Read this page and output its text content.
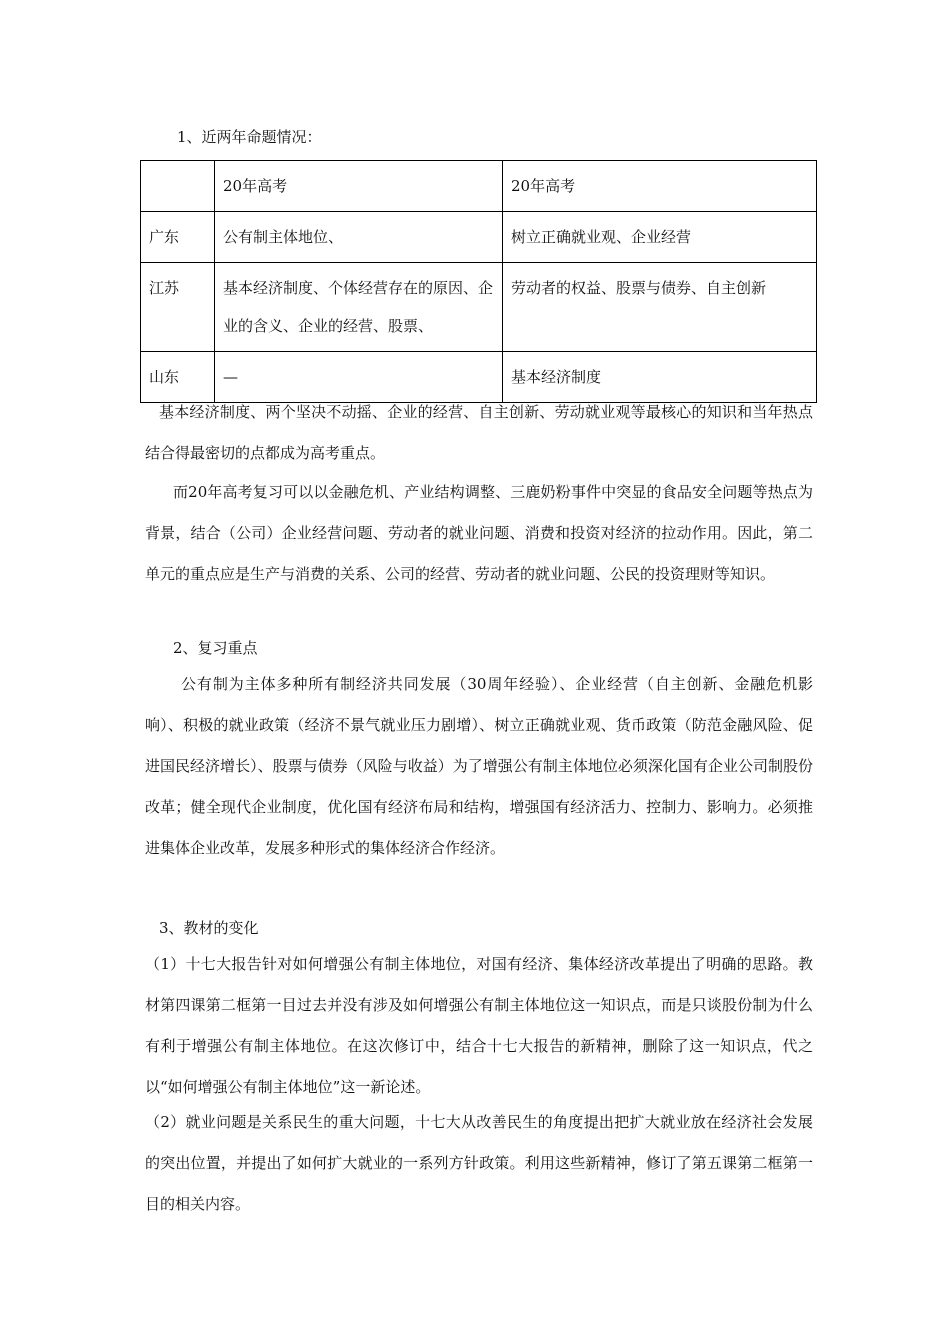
1、近两年命题情况：
	20年高考	20年高考
广东	公有制主体地位、	树立正确就业观、企业经营
江苏	基本经济制度、个体经营存在的原因、企业的含义、企业的经营、股票、	劳动者的权益、股票与债券、自主创新
山东	—	基本经济制度

基本经济制度、两个坚决不动摇、企业的经营、自主创新、劳动就业观等最核心的知识和当年热点结合得最密切的点都成为高考重点。

而20年高考复习可以以金融危机、产业结构调整、三鹿奶粉事件中突显的食品安全问题等热点为背景，结合（公司）企业经营问题、劳动者的就业问题、消费和投资对经济的拉动作用。因此，第二单元的重点应是生产与消费的关系、公司的经营、劳动者的就业问题、公民的投资理财等知识。

2、复习重点

公有制为主体多种所有制经济共同发展（30周年经验）、企业经营（自主创新、金融危机影响）、积极的就业政策（经济不景气就业压力剧增）、树立正确就业观、货币政策（防范金融风险、促进国民经济增长）、股票与债券（风险与收益）为了增强公有制主体地位必须深化国有企业公司制股份改革；健全现代企业制度，优化国有经济布局和结构，增强国有经济活力、控制力、影响力。必须推进集体企业改革，发展多种形式的集体经济合作经济。

3、教材的变化

（1）十七大报告针对如何增强公有制主体地位，对国有经济、集体经济改革提出了明确的思路。教材第四课第二框第一目过去并没有涉及如何增强公有制主体地位这一知识点，而是只谈股份制为什么有利于增强公有制主体地位。在这次修订中，结合十七大报告的新精神，删除了这一知识点，代之以“如何增强公有制主体地位”这一新论述。

（2）就业问题是关系民生的重大问题，十七大从改善民生的角度提出把扩大就业放在经济社会发展的突出位置，并提出了如何扩大就业的一系列方针政策。利用这些新精神，修订了第五课第二框第一目的相关内容。
